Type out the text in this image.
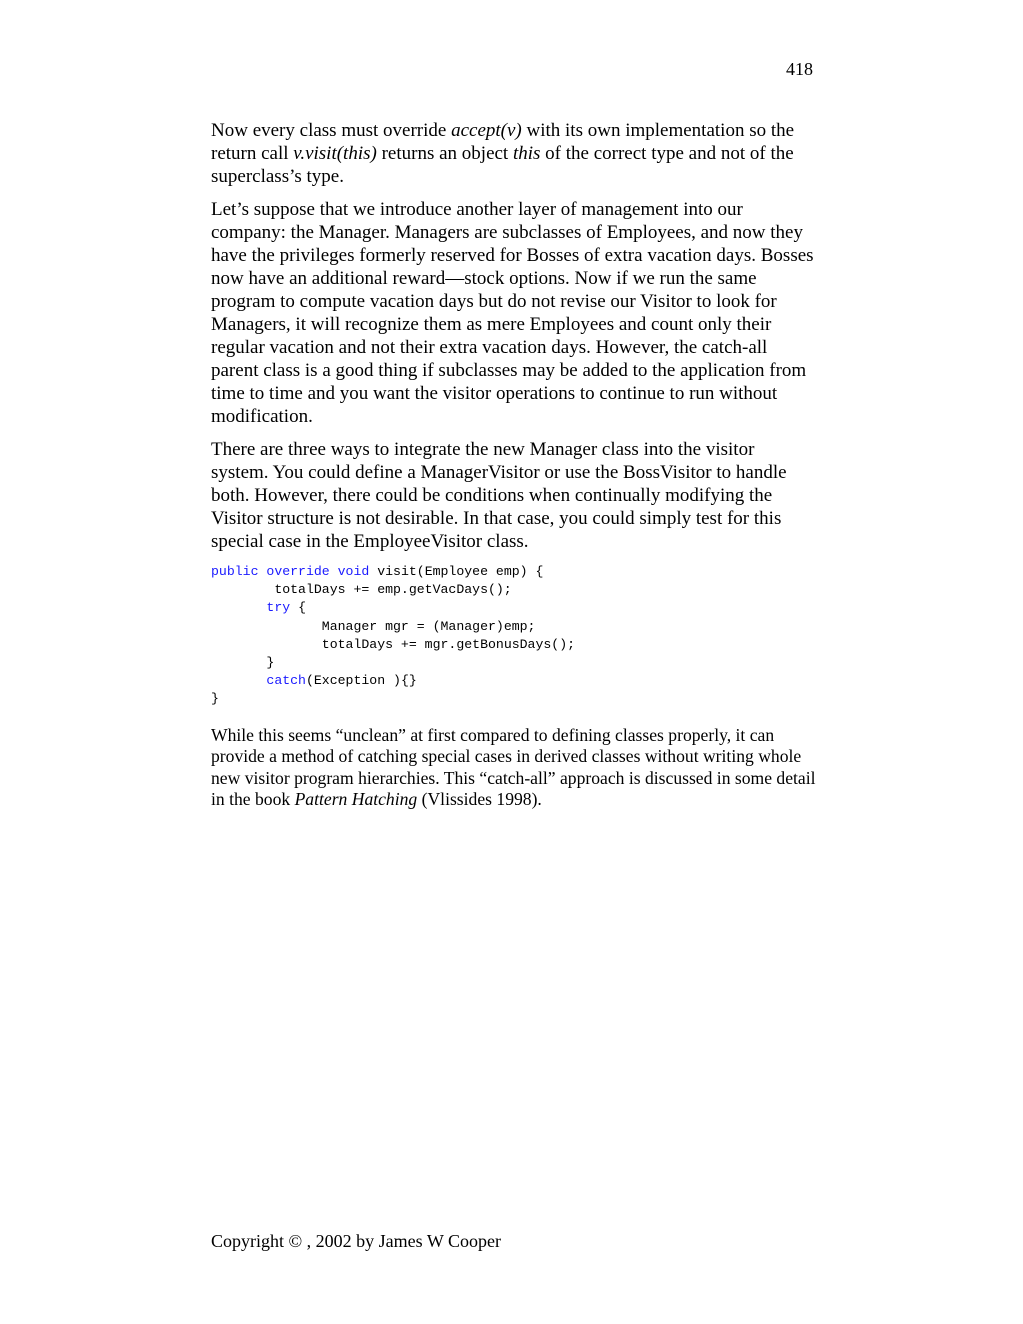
418

Now every class must override accept(v) with its own implementation so the return call v.visit(this) returns an object this of the correct type and not of the superclass’s type.

Let’s suppose that we introduce another layer of management into our company: the Manager. Managers are subclasses of Employees, and now they have the privileges formerly reserved for Bosses of extra vacation days. Bosses now have an additional reward—stock options. Now if we run the same program to compute vacation days but do not revise our Visitor to look for Managers, it will recognize them as mere Employees and count only their regular vacation and not their extra vacation days. However, the catch-all parent class is a good thing if subclasses may be added to the application from time to time and you want the visitor operations to continue to run without modification.

There are three ways to integrate the new Manager class into the visitor system. You could define a ManagerVisitor or use the BossVisitor to handle both. However, there could be conditions when continually modifying the Visitor structure is not desirable. In that case, you could simply test for this special case in the EmployeeVisitor class.

public override void visit(Employee emp) {
totalDays += emp.getVacDays();
try {
Manager mgr = (Manager)emp;
totalDays += mgr.getBonusDays();
}
catch(Exception ){}
}

While this seems “unclean” at first compared to defining classes properly, it can provide a method of catching special cases in derived classes without writing whole new visitor program hierarchies. This “catch-all” approach is discussed in some detail in the book Pattern Hatching (Vlissides 1998).

Copyright © , 2002 by James W Cooper
